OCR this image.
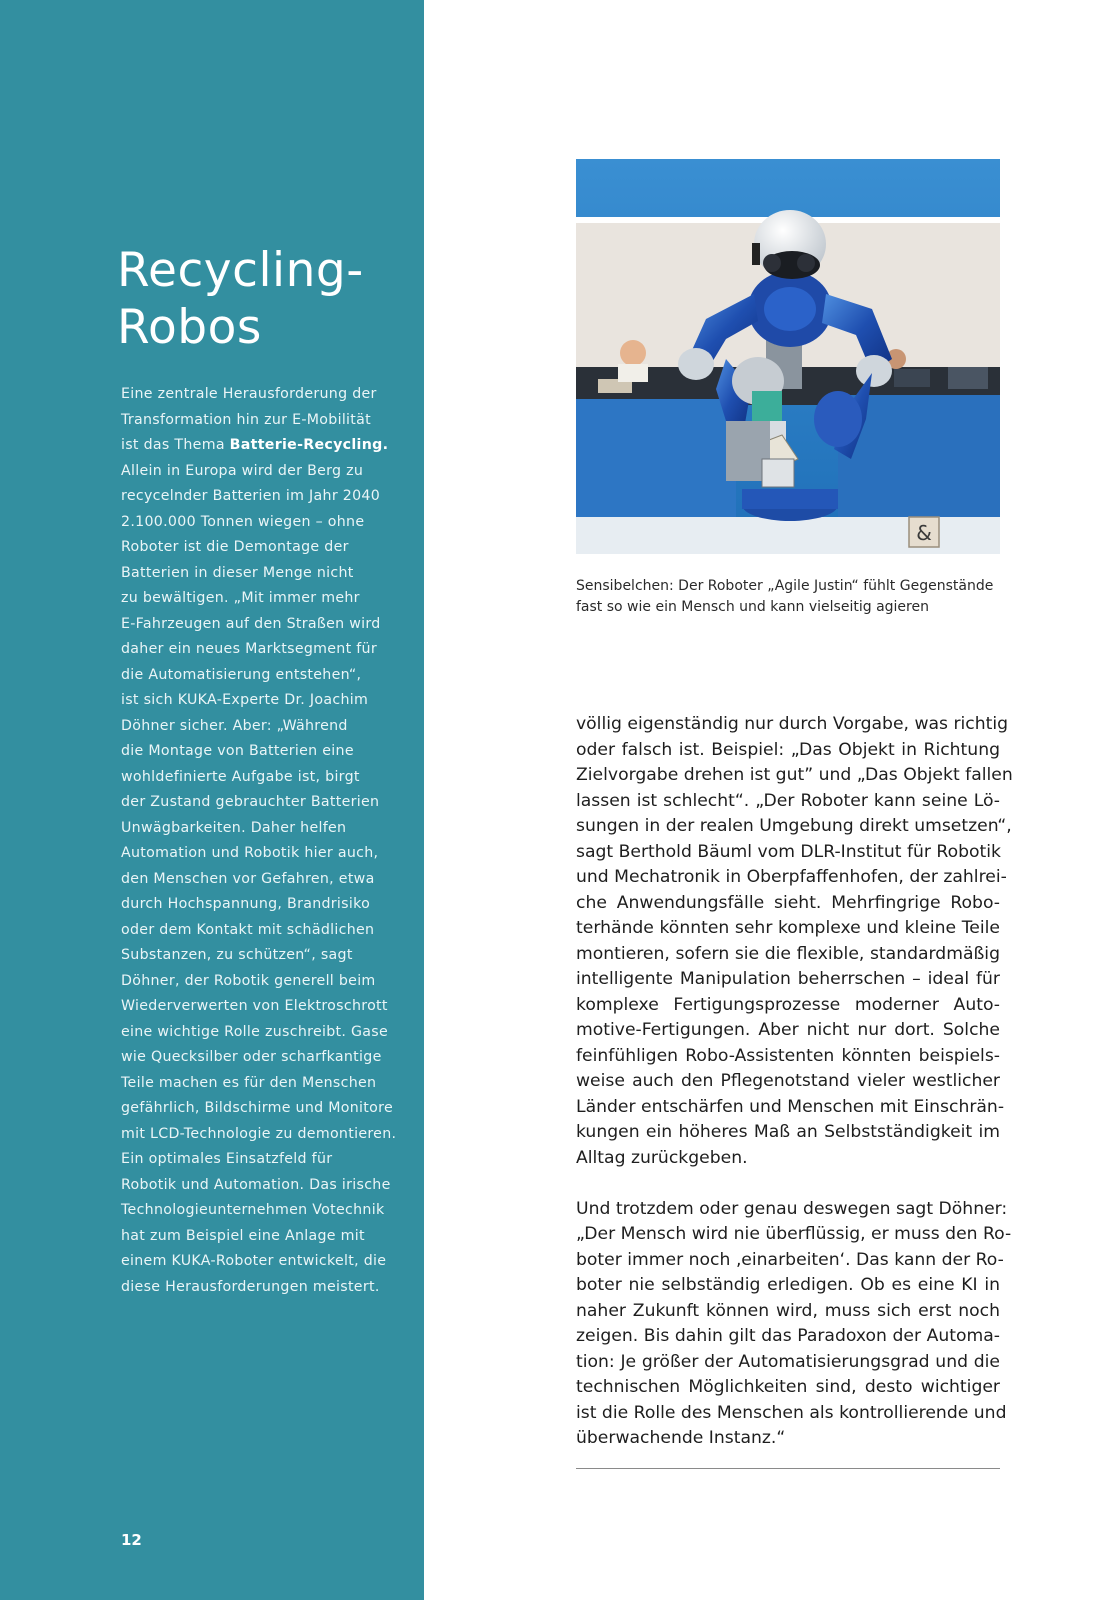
Recycling-
Robos

Eine zentrale Herausforderung der
Transformation hin zur E-Mobilität
ist das Thema Batterie-Recycling.
Allein in Europa wird der Berg zu
recycelnder Batterien im Jahr 2040
2.100.000 Tonnen wiegen – ohne
Roboter ist die Demontage der
Batterien in dieser Menge nicht
zu bewältigen. „Mit immer mehr
E-Fahrzeugen auf den Straßen wird
daher ein neues Marktsegment für
die Automatisierung entstehen“,
ist sich KUKA-Experte Dr. Joachim
Döhner sicher. Aber: „Während
die Montage von Batterien eine
wohldefinierte Aufgabe ist, birgt
der Zustand gebrauchter Batterien
Unwägbarkeiten. Daher helfen
Automation und Robotik hier auch,
den Menschen vor Gefahren, etwa
durch Hochspannung, Brandrisiko
oder dem Kontakt mit schädlichen
Substanzen, zu schützen“, sagt
Döhner, der Robotik generell beim
Wiederverwerten von Elektroschrott
eine wichtige Rolle zuschreibt. Gase
wie Quecksilber oder scharfkantige
Teile machen es für den Menschen
gefährlich, Bildschirme und Monitore
mit LCD-Technologie zu demontieren.
Ein optimales Einsatzfeld für
Robotik und Automation. Das irische
Technologieunternehmen Votechnik
hat zum Beispiel eine Anlage mit
einem KUKA-Roboter entwickelt, die
diese Herausforderungen meistert.

12
&

Sensibelchen: Der Roboter „Agile Justin“ fühlt Gegenstände
fast so wie ein Mensch und kann vielseitig agieren

völlig eigenständig nur durch Vorgabe, was richtig
oder falsch ist. Beispiel: „Das Objekt in Richtung
Zielvorgabe drehen ist gut” und „Das Objekt fallen
lassen ist schlecht“. „Der Roboter kann seine Lö-
sungen in der realen Umgebung direkt umsetzen“,
sagt Berthold Bäuml vom DLR-Institut für Robotik
und Mechatronik in Oberpfaffenhofen, der zahlrei-
che Anwendungsfälle sieht. Mehrfingrige Robo-
terhände könnten sehr komplexe und kleine Teile
montieren, sofern sie die flexible, standardmäßig
intelligente Manipulation beherrschen – ideal für
komplexe Fertigungsprozesse moderner Auto-
motive-Fertigungen. Aber nicht nur dort. Solche
feinfühligen Robo-Assistenten könnten beispiels-
weise auch den Pflegenotstand vieler westlicher
Länder entschärfen und Menschen mit Einschrän-
kungen ein höheres Maß an Selbstständigkeit im
Alltag zurückgeben.

Und trotzdem oder genau deswegen sagt Döhner:
„Der Mensch wird nie überflüssig, er muss den Ro-
boter immer noch ‚einarbeiten‘. Das kann der Ro-
boter nie selbständig erledigen. Ob es eine KI in
naher Zukunft können wird, muss sich erst noch
zeigen. Bis dahin gilt das Paradoxon der Automa-
tion: Je größer der Automatisierungsgrad und die
technischen Möglichkeiten sind, desto wichtiger
ist die Rolle des Menschen als kontrollierende und
überwachende Instanz.“
